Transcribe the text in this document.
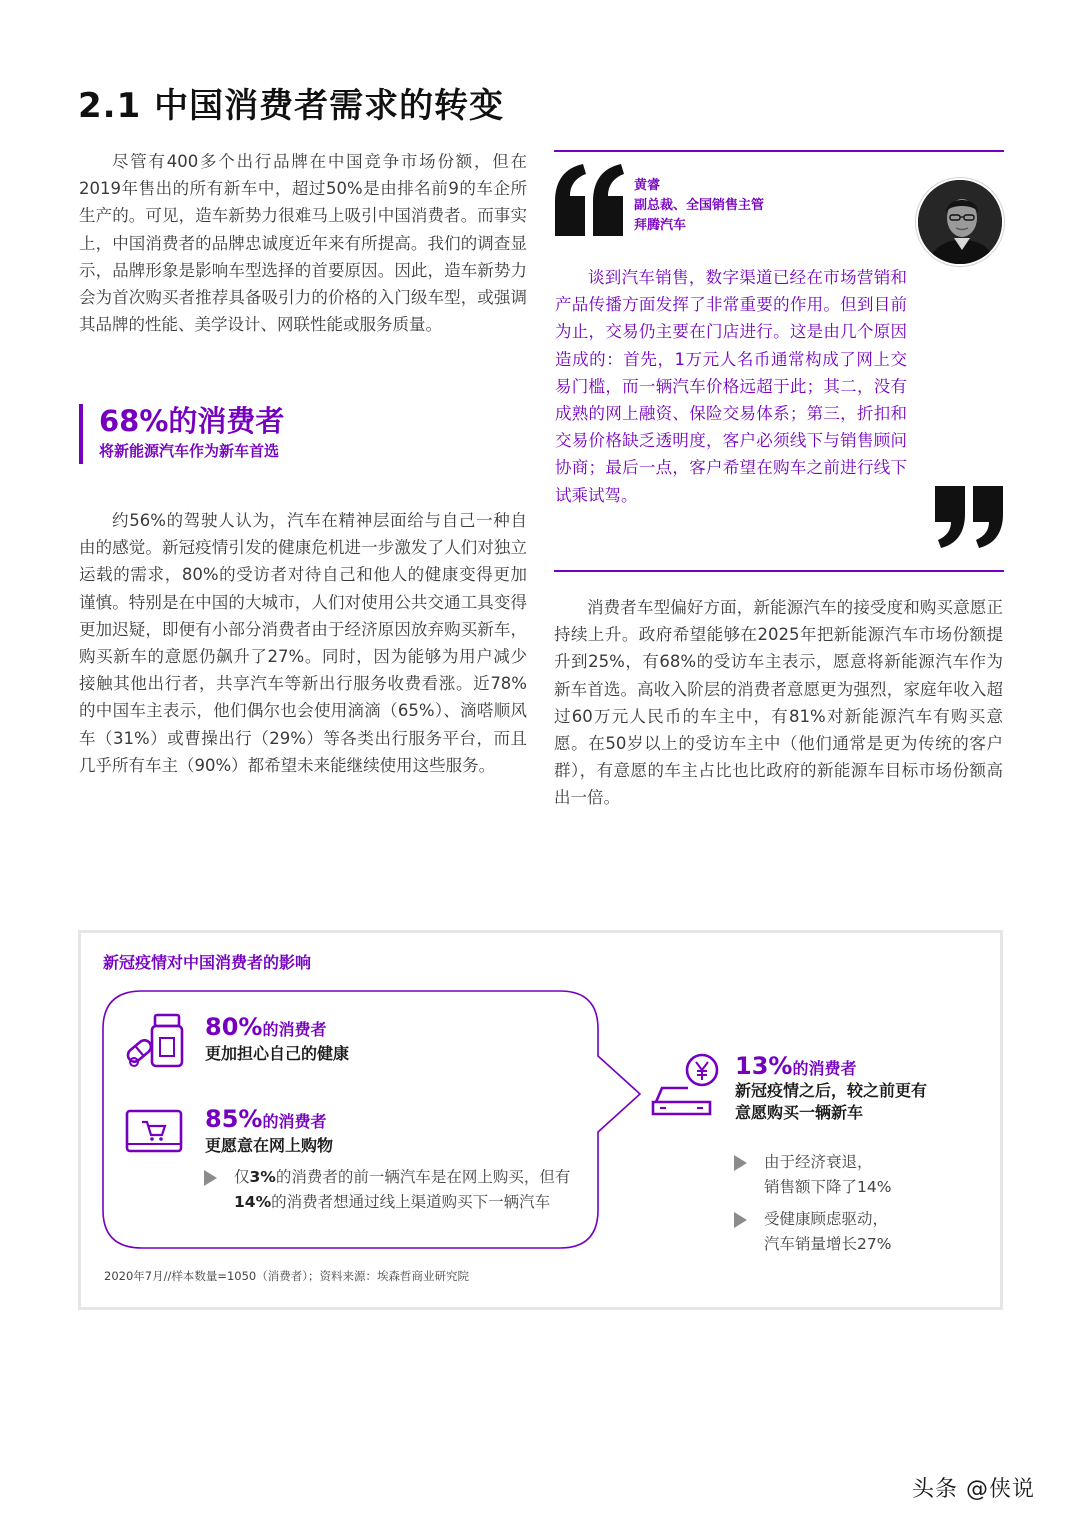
2.1 中国消费者需求的转变

尽管有400多个出行品牌在中国竞争市场份额，但在2019年售出的所有新车中，超过50%是由排名前9的车企所生产的。可见，造车新势力很难马上吸引中国消费者。而事实上，中国消费者的品牌忠诚度近年来有所提高。我们的调查显示，品牌形象是影响车型选择的首要原因。因此，造车新势力会为首次购买者推荐具备吸引力的价格的入门级车型，或强调其品牌的性能、美学设计、网联性能或服务质量。

68%的消费者
将新能源汽车作为新车首选

约56%的驾驶人认为，汽车在精神层面给与自己一种自由的感觉。新冠疫情引发的健康危机进一步激发了人们对独立运载的需求，80%的受访者对待自己和他人的健康变得更加谨慎。特别是在中国的大城市，人们对使用公共交通工具变得更加迟疑，即便有小部分消费者由于经济原因放弃购买新车，购买新车的意愿仍飙升了27%。同时，因为能够为用户减少接触其他出行者，共享汽车等新出行服务收费看涨。近78%的中国车主表示，他们偶尔也会使用滴滴（65%）、滴嗒顺风车（31%）或曹操出行（29%）等各类出行服务平台，而且几乎所有车主（90%）都希望未来能继续使用这些服务。

黄睿
副总裁、全国销售主管
拜腾汽车

谈到汽车销售，数字渠道已经在市场营销和产品传播方面发挥了非常重要的作用。但到目前为止，交易仍主要在门店进行。这是由几个原因造成的：首先，1万元人名币通常构成了网上交易门槛，而一辆汽车价格远超于此；其二，没有成熟的网上融资、保险交易体系；第三，折扣和交易价格缺乏透明度，客户必须线下与销售顾问协商；最后一点，客户希望在购车之前进行线下试乘试驾。

消费者车型偏好方面，新能源汽车的接受度和购买意愿正持续上升。政府希望能够在2025年把新能源汽车市场份额提升到25%，有68%的受访车主表示，愿意将新能源汽车作为新车首选。高收入阶层的消费者意愿更为强烈，家庭年收入超过60万元人民币的车主中，有81%对新能源汽车有购买意愿。在50岁以上的受访车主中（他们通常是更为传统的客户群），有意愿的车主占比也比政府的新能源车目标市场份额高出一倍。

新冠疫情对中国消费者的影响
80%的消费者
更加担心自己的健康
85%的消费者
更愿意在网上购物
仅3%的消费者的前一辆汽车是在网上购买，但有14%的消费者想通过线上渠道购买下一辆汽车
13%的消费者
新冠疫情之后，较之前更有
意愿购买一辆新车
由于经济衰退，
销售额下降了14%
受健康顾虑驱动，
汽车销量增长27%
2020年7月//样本数量=1050（消费者）；资料来源：埃森哲商业研究院
头条 @侠说
